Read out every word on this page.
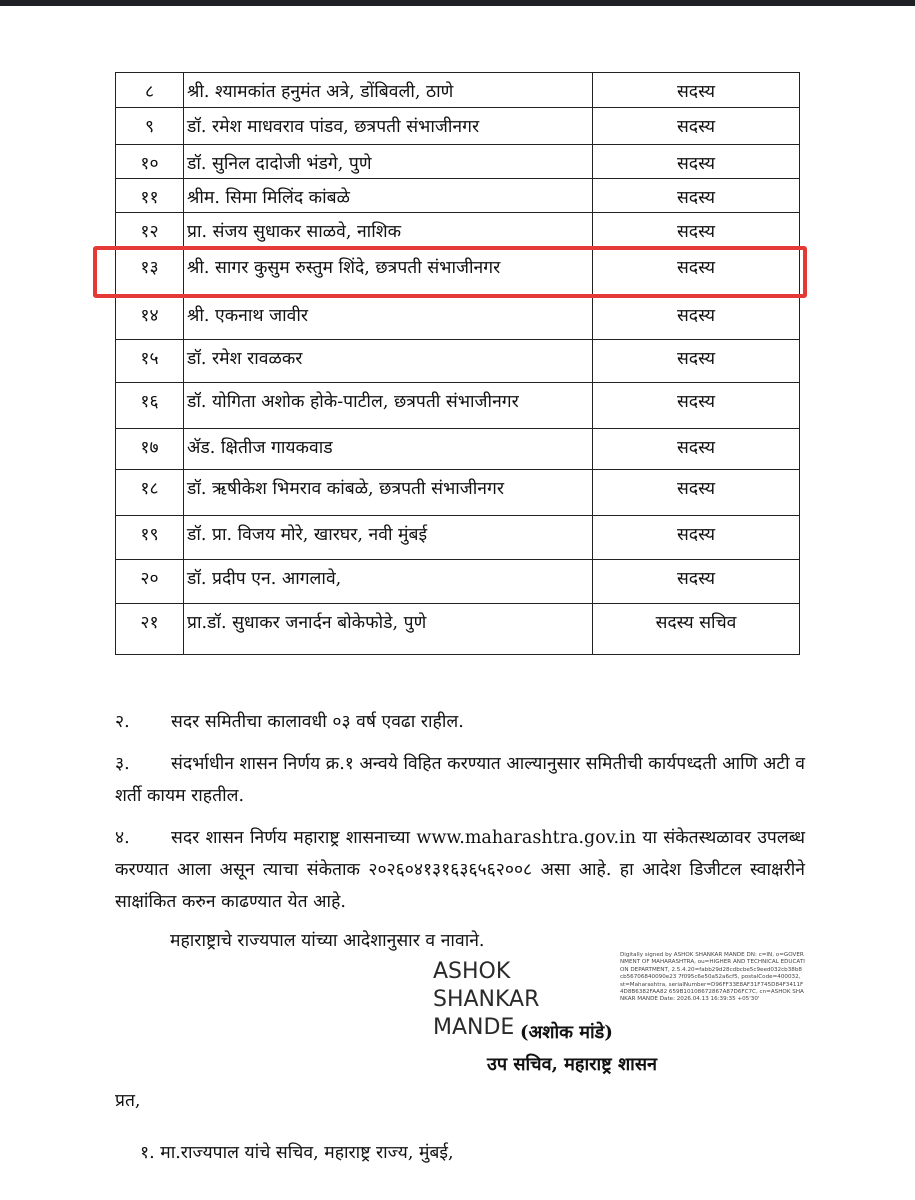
८	श्री. श्यामकांत हनुमंत अत्रे, डोंबिवली, ठाणे	सदस्य
९	डॉ. रमेश माधवराव पांडव, छत्रपती संभाजीनगर	सदस्य
१०	डॉ. सुनिल दादोजी भंडगे, पुणे	सदस्य
११	श्रीम. सिमा मिलिंद कांबळे	सदस्य
१२	प्रा. संजय सुधाकर साळवे, नाशिक	सदस्य
१३	श्री. सागर कुसुम रुस्तुम शिंदे, छत्रपती संभाजीनगर	सदस्य
१४	श्री. एकनाथ जावीर	सदस्य
१५	डॉ. रमेश रावळकर	सदस्य
१६	डॉ. योगिता अशोक होके-पाटील, छत्रपती संभाजीनगर	सदस्य
१७	ॲड. क्षितीज गायकवाड	सदस्य
१८	डॉ. ऋषीकेश भिमराव कांबळे, छत्रपती संभाजीनगर	सदस्य
१९	डॉ. प्रा. विजय मोरे, खारघर, नवी मुंबई	सदस्य
२०	डॉ. प्रदीप एन. आगलावे,	सदस्य
२१	प्रा.डॉ. सुधाकर जनार्दन बोकेफोडे, पुणे	सदस्य सचिव
२. सदर समितीचा कालावधी ०३ वर्ष एवढा राहील.
३. संदर्भाधीन शासन निर्णय क्र.१ अन्वये विहित करण्यात आल्यानुसार समितीची कार्यपध्दती आणि अटी व शर्ती कायम राहतील.
४. सदर शासन निर्णय महाराष्ट्र शासनाच्या www.maharashtra.gov.in या संकेतस्थळावर उपलब्ध करण्यात आला असून त्याचा संकेताक २०२६०४१३१६३६५६२००८ असा आहे. हा आदेश डिजीटल स्वाक्षरीने साक्षांकित करुन काढण्यात येत आहे.
महाराष्ट्राचे राज्यपाल यांच्या आदेशानुसार व नावाने.
ASHOK SHANKAR
MANDE
Digitally signed by ASHOK SHANKAR MANDE DN: c=IN, o=GOVERNMENT OF MAHARASHTRA, ou=HIGHER AND TECHNICAL EDUCATION DEPARTMENT, 2.5.4.20=fabb29d28cdbcbe5c9eed032cb38b8cb56706840090e23 7f095c6e50a52a6cf5, postalCode=400032, st=Maharashtra, serialNumber=D96FF33E8AF31F745D84F3411F4D8B6382FAA82 659B10108672867A87D6FC7C, cn=ASHOK SHANKAR MANDE Date: 2026.04.13 16:39:35 +05'30'
(अशोक मांडे)
उप सचिव, महाराष्ट्र शासन
प्रत,
१. मा.राज्यपाल यांचे सचिव, महाराष्ट्र राज्य, मुंबई,
